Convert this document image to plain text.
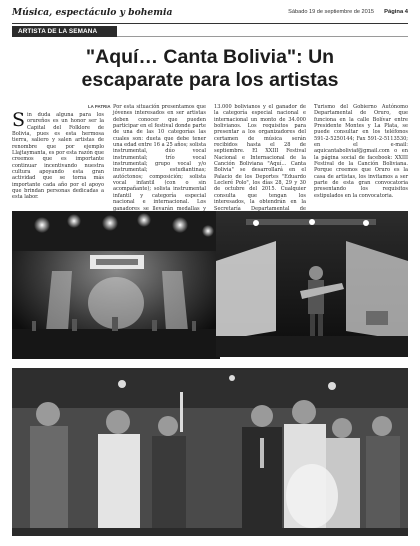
Música, espectáculo y bohemia	Sábado 19 de septiembre de 2015 Página 4
ARTISTA DE LA SEMANA
"Aquí… Canta Bolivia": Un
escaparate para los artistas
LA PATRIA

Sin duda alguna para los orureños es un honor ser la Capital del Folklore de Bolivia, pues es esta hermosa tierra, saliero y salen artistas de renombre que por ejemplo Llajtaymanta, es por esta razón que creemos que es importante continuar incentivando nuestra cultura apoyando esta gran actividad que se torna más importante cada año por el apoyo que brindan personas dedicadas a esta labor.

Por esta situación presentamos que jóvenes interesados en ser artistas deben conocer que pueden participar en el festival donde parte de una de las 10 categorías las cuales son: dueta que debe tener una edad entre 16 a 25 años; solista instrumental, dúo vocal instrumental; trío vocal instrumental; grupo vocal y/o instrumental; estudiantinas; autóctonos; composición; solista vocal infantil (con o sin acompañante); solista instrumental infantil y categoría especial nacional e internacional. Los ganadores se llevarán medallas y

13.000 bolivianos y el ganador de la categoría especial nacional e internacional un monto de 34.000 bolivianos. Los requisitos para presentar a los organizadores del certamen de música serán recibidos hasta el 28 de septiembre. El XXIII Festival Nacional e Internacional de la Canción Boliviana "Aquí… Canta Bolivia" se desarrollará en el Palacio de los Deportes "Eduardo Lecleré Polo", los días 28, 29 y 30 de octubre del 2015. Cualquier consulta que tengan los interesados, la obtendrán en la Secretaría Departamental de

Turismo del Gobierno Autónomo Departamental de Oruro, que funciona en la calle Bolívar entre Presidente Montes y La Plata, se puede consultar en los teléfonos 591-2-5250144; Fax 591-2-5113530; en el e-mail: aquicantaboliviaf@gmail.com o en la página social de facebook: XXIII Festival de la Canción Boliviana. Porque creemos que Oruro es la casa de artistas, los invitamos a ser parte de esta gran convocatoria presentando los requisitos estipulados en la convocatoria.
